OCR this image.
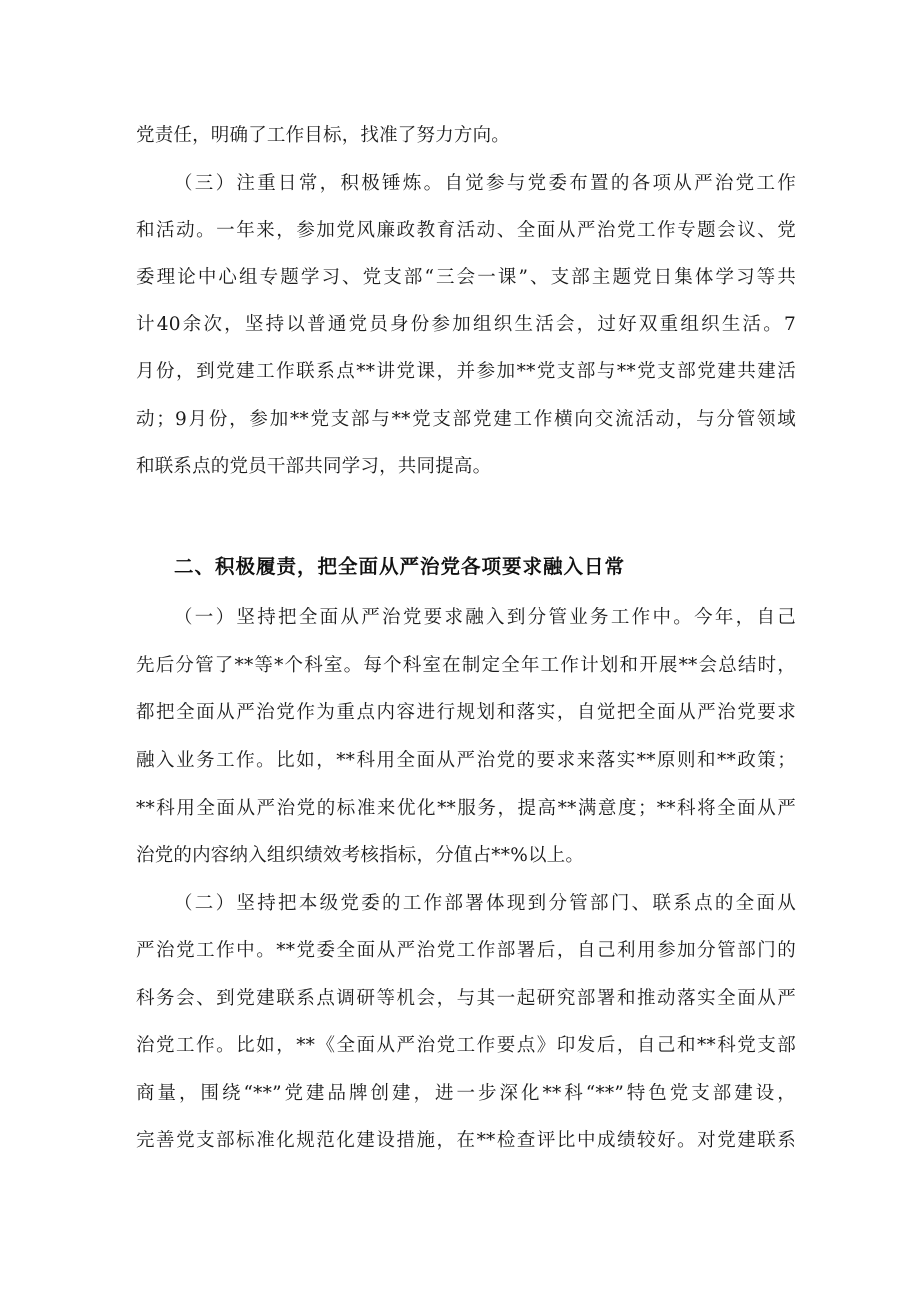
党责任，明确了工作目标，找准了努力方向。
（三）注重日常，积极锤炼。自觉参与党委布置的各项从严治党工作
和活动。一年来，参加党风廉政教育活动、全面从严治党工作专题会议、党
委理论中心组专题学习、党支部“三会一课”、支部主题党日集体学习等共
计40余次，坚持以普通党员身份参加组织生活会，过好双重组织生活。7
月份，到党建工作联系点**讲党课，并参加**党支部与**党支部党建共建活
动；9月份，参加**党支部与**党支部党建工作横向交流活动，与分管领域
和联系点的党员干部共同学习，共同提高。
二、积极履责，把全面从严治党各项要求融入日常
（一）坚持把全面从严治党要求融入到分管业务工作中。今年，自己
先后分管了**等*个科室。每个科室在制定全年工作计划和开展**会总结时，
都把全面从严治党作为重点内容进行规划和落实，自觉把全面从严治党要求
融入业务工作。比如，**科用全面从严治党的要求来落实**原则和**政策；
**科用全面从严治党的标准来优化**服务，提高**满意度；**科将全面从严
治党的内容纳入组织绩效考核指标，分值占**%以上。
（二）坚持把本级党委的工作部署体现到分管部门、联系点的全面从
严治党工作中。**党委全面从严治党工作部署后，自己利用参加分管部门的
科务会、到党建联系点调研等机会，与其一起研究部署和推动落实全面从严
治党工作。比如，**《全面从严治党工作要点》印发后，自己和**科党支部
商量，围绕“**”党建品牌创建，进一步深化**科“**”特色党支部建设，
完善党支部标准化规范化建设措施，在**检查评比中成绩较好。对党建联系
